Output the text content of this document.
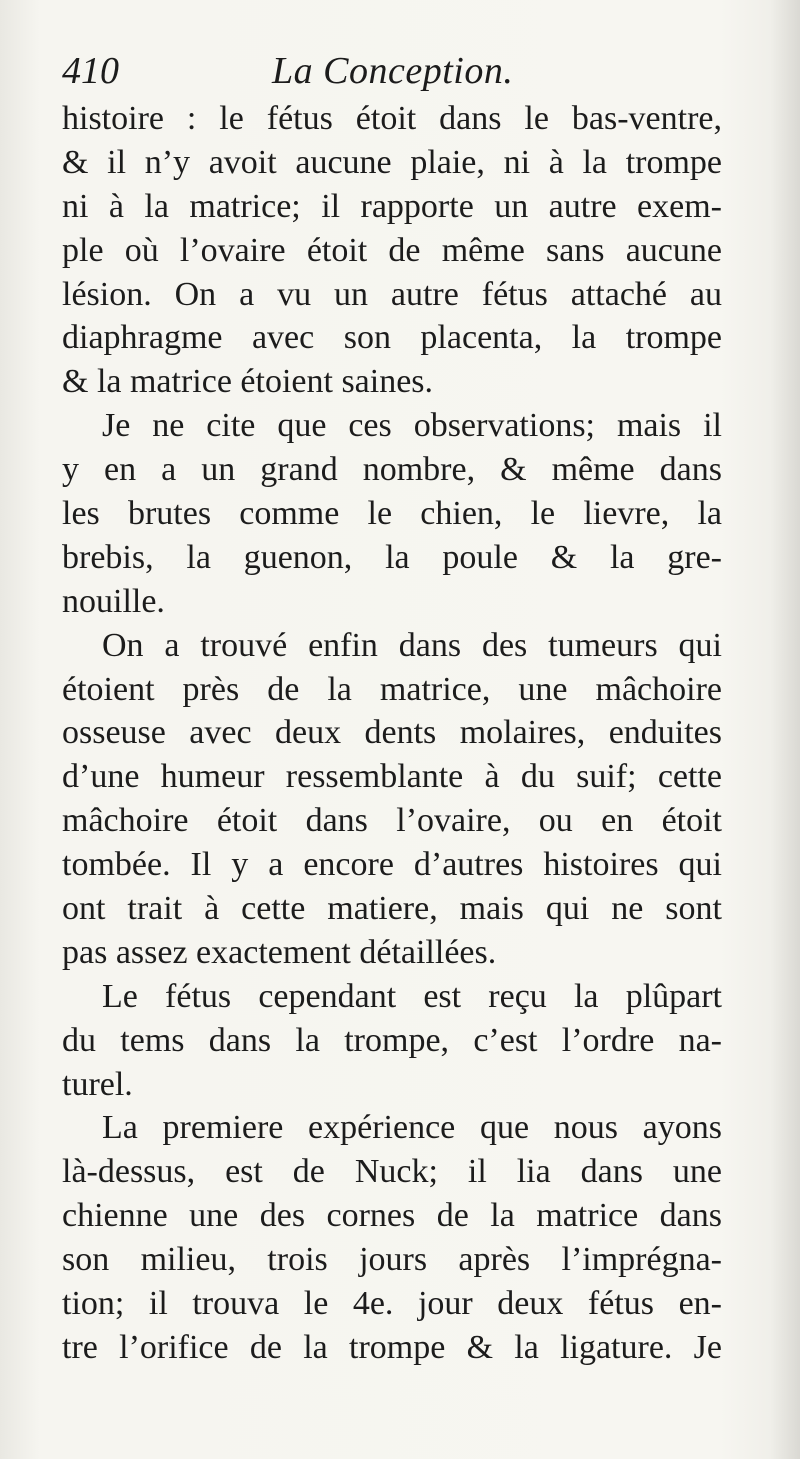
410	La Conception.
histoire : le fétus étoit dans le bas-ventre,
& il n’y avoit aucune plaie, ni à la trompe
ni à la matrice; il rapporte un autre exem-
ple où l’ovaire étoit de même sans aucune
lésion. On a vu un autre fétus attaché au
diaphragme avec son placenta, la trompe
& la matrice étoient saines.
Je ne cite que ces observations; mais il
y en a un grand nombre, & même dans
les brutes comme le chien, le lievre, la
brebis, la guenon, la poule & la gre-
nouille.
On a trouvé enfin dans des tumeurs qui
étoient près de la matrice, une mâchoire
osseuse avec deux dents molaires, enduites
d’une humeur ressemblante à du suif; cette
mâchoire étoit dans l’ovaire, ou en étoit
tombée. Il y a encore d’autres histoires qui
ont trait à cette matiere, mais qui ne sont
pas assez exactement détaillées.
Le fétus cependant est reçu la plûpart
du tems dans la trompe, c’est l’ordre na-
turel.
La premiere expérience que nous ayons
là-dessus, est de Nuck; il lia dans une
chienne une des cornes de la matrice dans
son milieu, trois jours après l’imprégna-
tion; il trouva le 4e. jour deux fétus en-
tre l’orifice de la trompe & la ligature. Je
